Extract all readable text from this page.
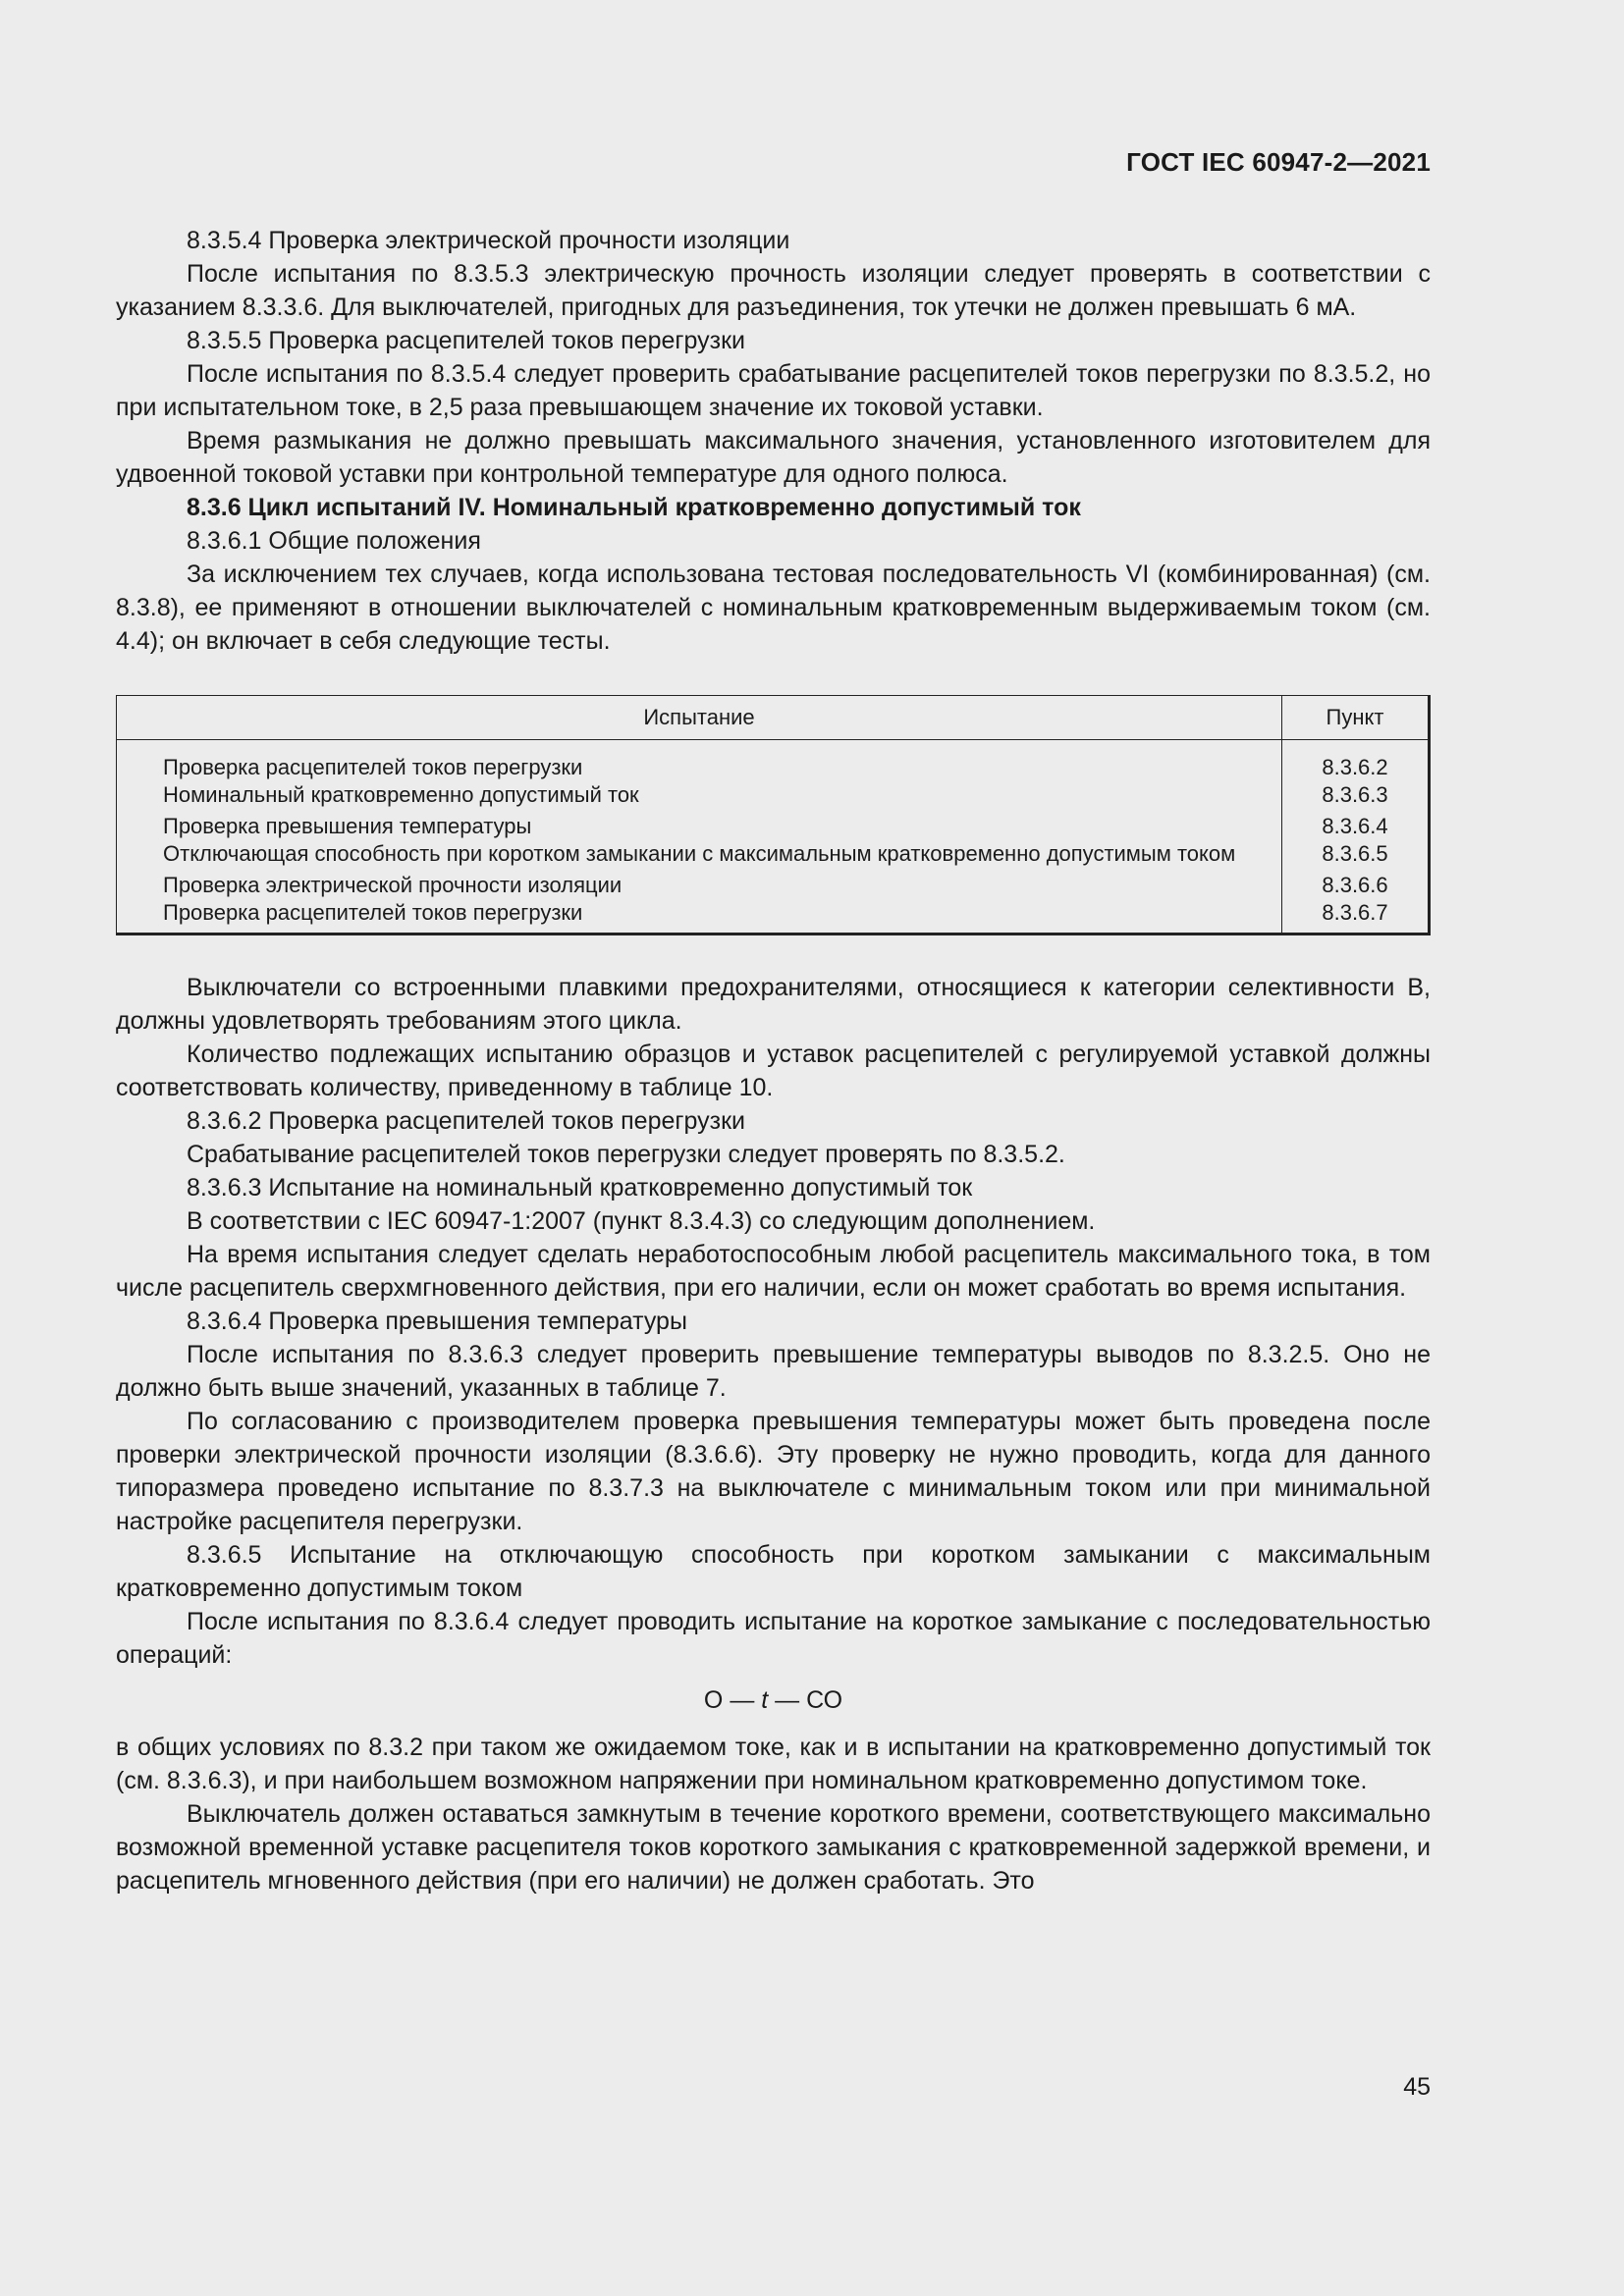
ГОСТ IEC 60947-2—2021

8.3.5.4 Проверка электрической прочности изоляции

После испытания по 8.3.5.3 электрическую прочность изоляции следует проверять в соответствии с указанием 8.3.3.6. Для выключателей, пригодных для разъединения, ток утечки не должен превышать 6 мА.

8.3.5.5 Проверка расцепителей токов перегрузки

После испытания по 8.3.5.4 следует проверить срабатывание расцепителей токов перегрузки по 8.3.5.2, но при испытательном токе, в 2,5 раза превышающем значение их токовой уставки.

Время размыкания не должно превышать максимального значения, установленного изготовителем для удвоенной токовой уставки при контрольной температуре для одного полюса.

8.3.6 Цикл испытаний IV. Номинальный кратковременно допустимый ток

8.3.6.1 Общие положения

За исключением тех случаев, когда использована тестовая последовательность VI (комбинированная) (см. 8.3.8), ее применяют в отношении выключателей с номинальным кратковременным выдерживаемым током (см. 4.4); он включает в себя следующие тесты.

Испытание	Пункт

Проверка расцепителей токов перегрузки	8.3.6.2

Номинальный кратковременно допустимый ток	8.3.6.3

Проверка превышения температуры	8.3.6.4

Отключающая способность при коротком замыкании с максимальным кратковременно допустимым током	8.3.6.5

Проверка электрической прочности изоляции	8.3.6.6

Проверка расцепителей токов перегрузки	8.3.6.7

Выключатели со встроенными плавкими предохранителями, относящиеся к категории селективности В, должны удовлетворять требованиям этого цикла.

Количество подлежащих испытанию образцов и уставок расцепителей с регулируемой уставкой должны соответствовать количеству, приведенному в таблице 10.

8.3.6.2 Проверка расцепителей токов перегрузки

Срабатывание расцепителей токов перегрузки следует проверять по 8.3.5.2.

8.3.6.3 Испытание на номинальный кратковременно допустимый ток

В соответствии с IEC 60947-1:2007 (пункт 8.3.4.3) со следующим дополнением.

На время испытания следует сделать неработоспособным любой расцепитель максимального тока, в том числе расцепитель сверхмгновенного действия, при его наличии, если он может сработать во время испытания.

8.3.6.4 Проверка превышения температуры

После испытания по 8.3.6.3 следует проверить превышение температуры выводов по 8.3.2.5. Оно не должно быть выше значений, указанных в таблице 7.

По согласованию с производителем проверка превышения температуры может быть проведена после проверки электрической прочности изоляции (8.3.6.6). Эту проверку не нужно проводить, когда для данного типоразмера проведено испытание по 8.3.7.3 на выключателе с минимальным током или при минимальной настройке расцепителя перегрузки.

8.3.6.5 Испытание на отключающую способность при коротком замыкании с максимальным кратковременно допустимым током

После испытания по 8.3.6.4 следует проводить испытание на короткое замыкание с последовательностью операций:

О — t — СО

в общих условиях по 8.3.2 при таком же ожидаемом токе, как и в испытании на кратковременно допустимый ток (см. 8.3.6.3), и при наибольшем возможном напряжении при номинальном кратковременно допустимом токе.

Выключатель должен оставаться замкнутым в течение короткого времени, соответствующего максимально возможной временной уставке расцепителя токов короткого замыкания с кратковременной задержкой времени, и расцепитель мгновенного действия (при его наличии) не должен сработать. Это

45
